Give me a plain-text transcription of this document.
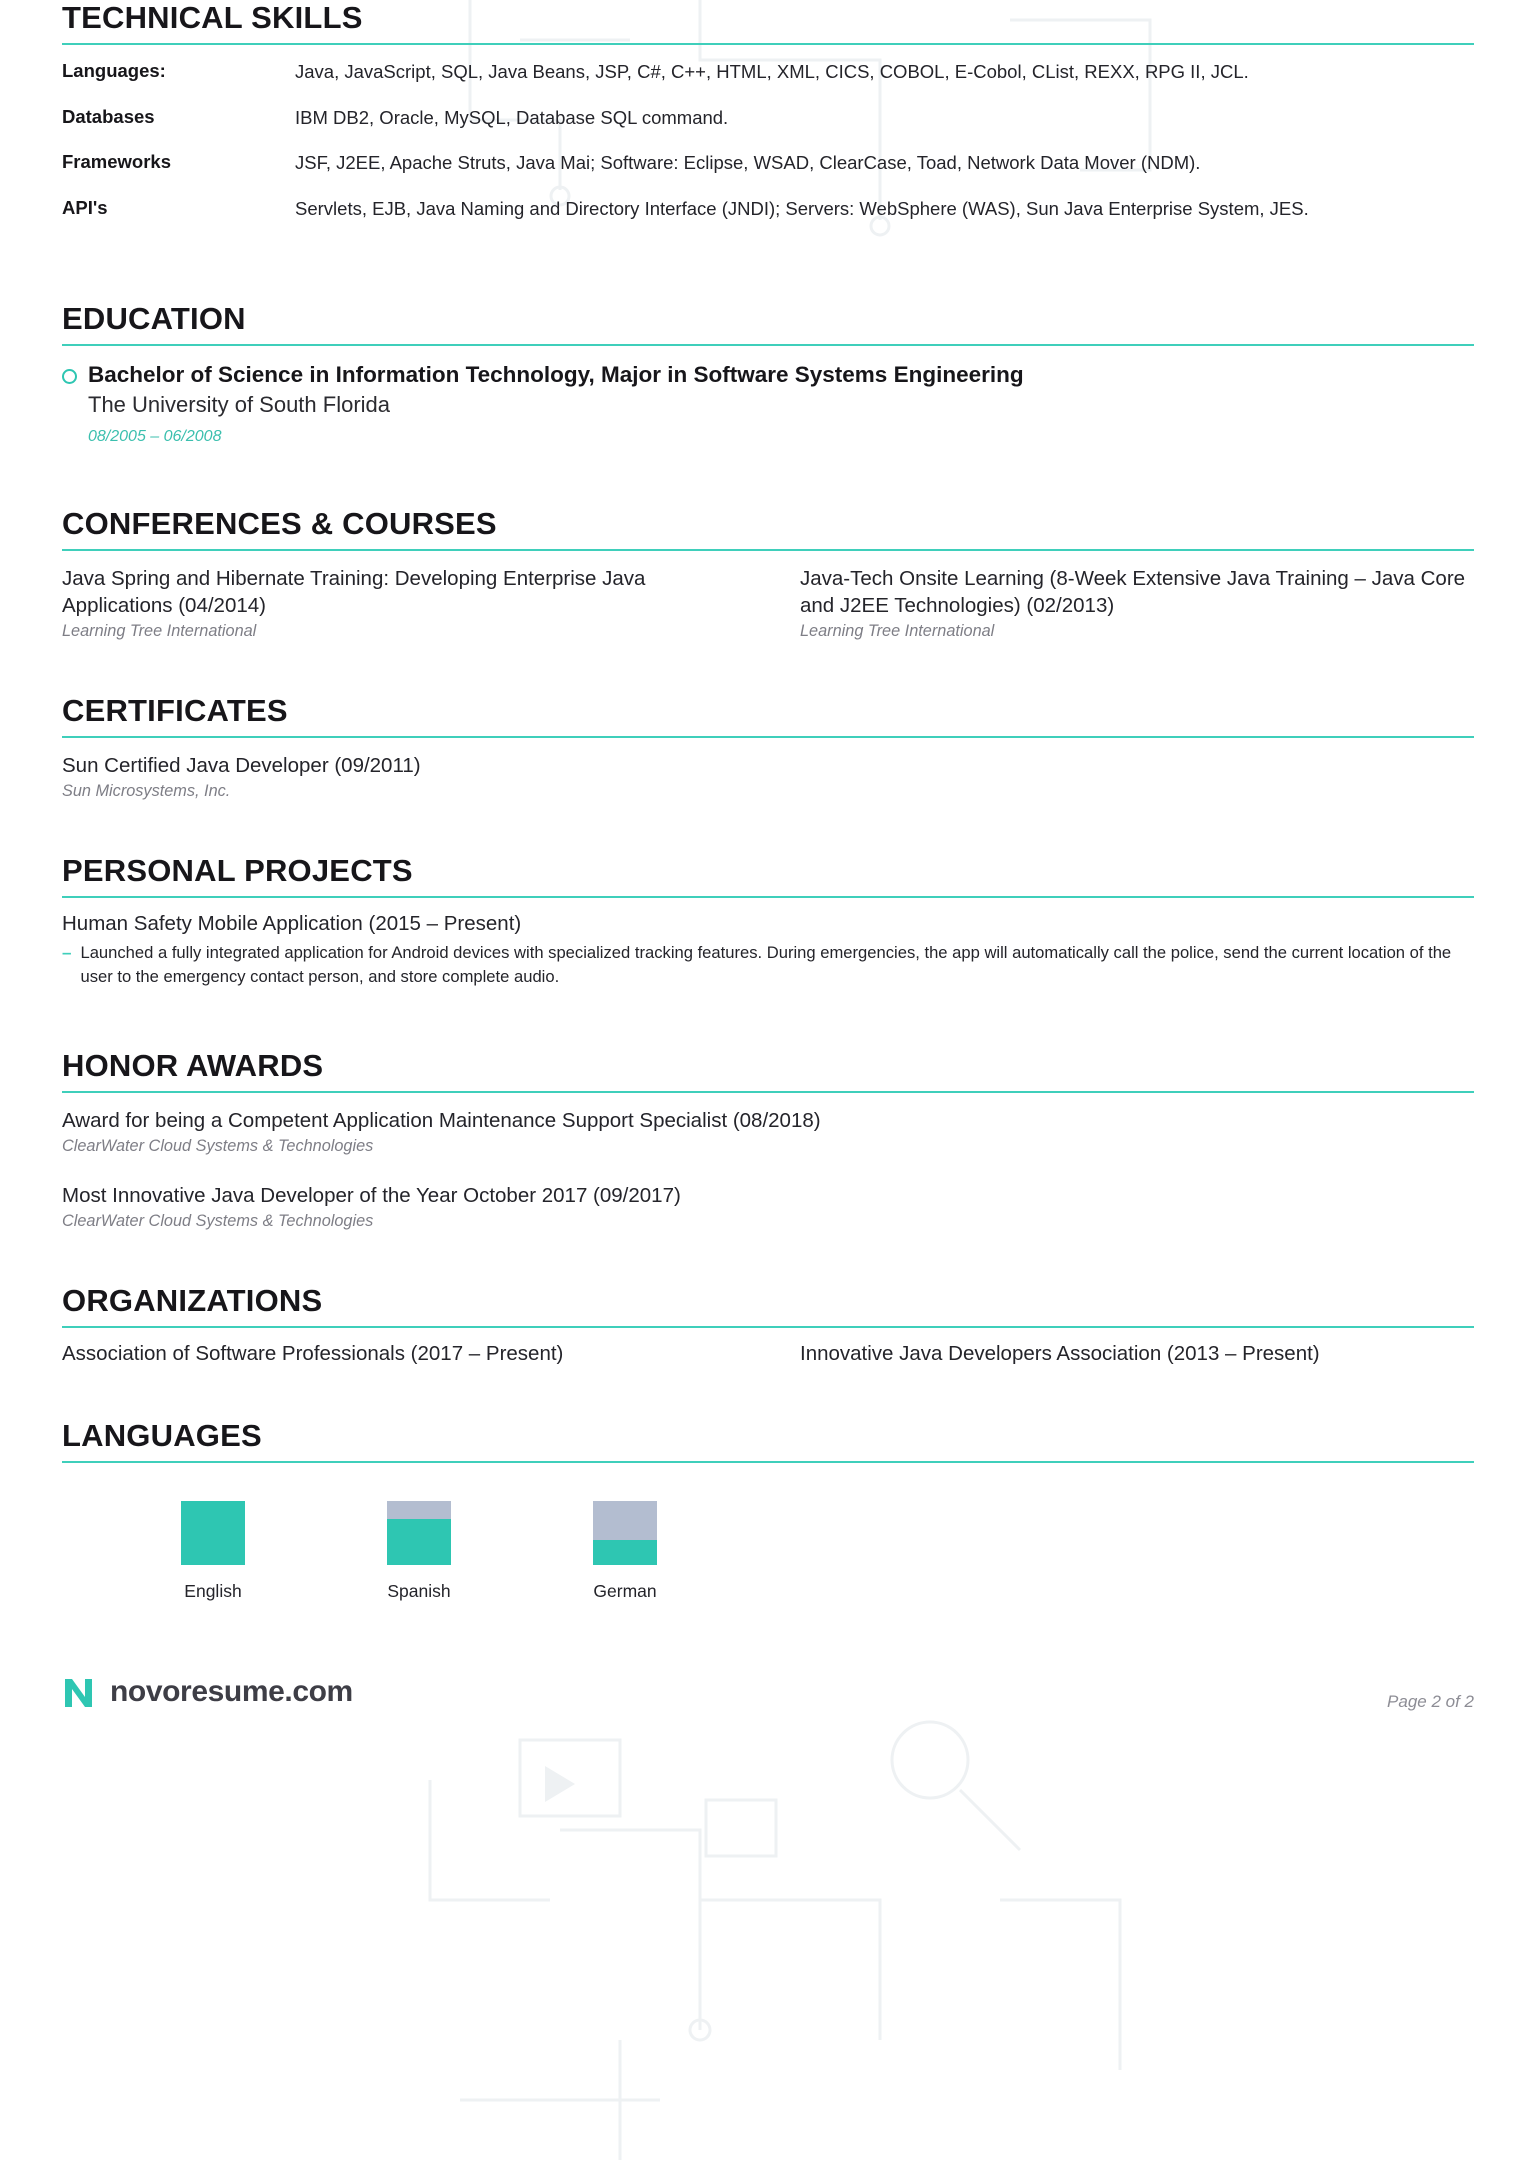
TECHNICAL SKILLS
Languages:	Java, JavaScript, SQL, Java Beans, JSP, C#, C++, HTML, XML, CICS, COBOL, E-Cobol, CList, REXX, RPG II, JCL.
Databases	IBM DB2, Oracle, MySQL, Database SQL command.
Frameworks	JSF, J2EE, Apache Struts, Java Mai; Software: Eclipse, WSAD, ClearCase, Toad, Network Data Mover (NDM).
API's	Servlets, EJB, Java Naming and Directory Interface (JNDI); Servers: WebSphere (WAS), Sun Java Enterprise System, JES.
EDUCATION
Bachelor of Science in Information Technology, Major in Software Systems Engineering
The University of South Florida
08/2005 – 06/2008
CONFERENCES & COURSES
Java Spring and Hibernate Training: Developing Enterprise Java Applications (04/2014)
Learning Tree International
Java-Tech Onsite Learning (8-Week Extensive Java Training – Java Core and J2EE Technologies) (02/2013)
Learning Tree International
CERTIFICATES
Sun Certified Java Developer (09/2011)
Sun Microsystems, Inc.
PERSONAL PROJECTS
Human Safety Mobile Application (2015 – Present)
– Launched a fully integrated application for Android devices with specialized tracking features. During emergencies, the app will automatically call the police, send the current location of the user to the emergency contact person, and store complete audio.
HONOR AWARDS
Award for being a Competent Application Maintenance Support Specialist (08/2018)
ClearWater Cloud Systems & Technologies
Most Innovative Java Developer of the Year October 2017 (09/2017)
ClearWater Cloud Systems & Technologies
ORGANIZATIONS
Association of Software Professionals (2017 – Present)	Innovative Java Developers Association (2013 – Present)
LANGUAGES
English	Spanish	German
novoresume.com	Page 2 of 2
